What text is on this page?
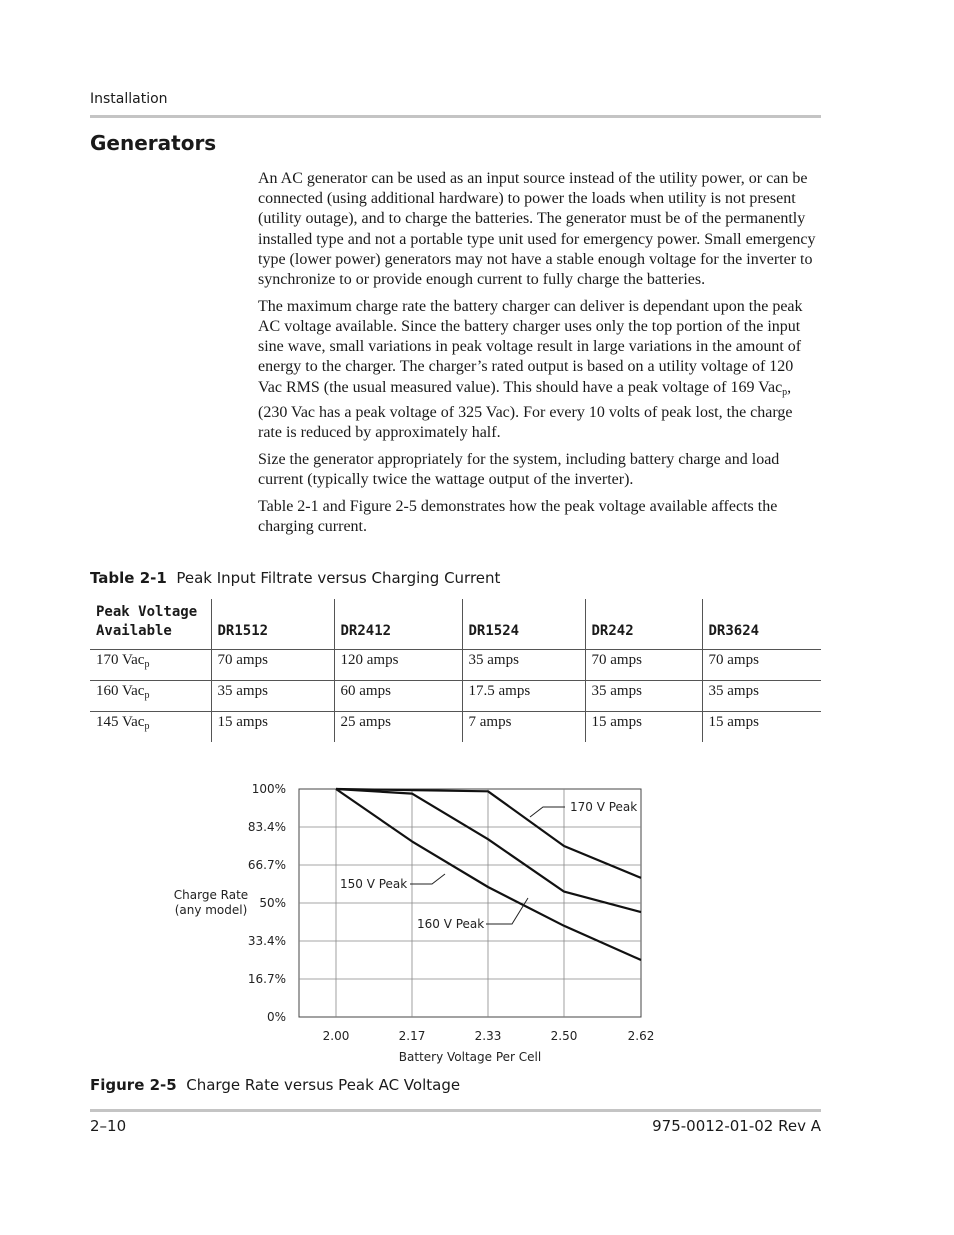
Installation
Generators

An AC generator can be used as an input source instead of the utility power, or can be connected (using additional hardware) to power the loads when utility is not present (utility outage), and to charge the batteries. The generator must be of the permanently installed type and not a portable type unit used for emergency power. Small emergency type (lower power) generators may not have a stable enough voltage for the inverter to synchronize to or provide enough current to fully charge the batteries.

The maximum charge rate the battery charger can deliver is dependant upon the peak AC voltage available. Since the battery charger uses only the top portion of the input sine wave, small variations in peak voltage result in large variations in the amount of energy to the charger. The charger’s rated output is based on a utility voltage of 120 Vac RMS (the usual measured value). This should have a peak voltage of 169 Vac$_p$, (230 Vac has a peak voltage of 325 Vac). For every 10 volts of peak lost, the charge rate is reduced by approximately half.

Size the generator appropriately for the system, including battery charge and load current (typically twice the wattage output of the inverter).

Table 2-1 and Figure 2-5 demonstrates how the peak voltage available affects the charging current.

Table 2-1 Peak Input Filtrate versus Charging Current
Peak Voltage Available	DR1512	DR2412	DR1524	DR242	DR3624
170 Vac$_p$	70 amps	120 amps	35 amps	70 amps	70 amps
160 Vac$_p$	35 amps	60 amps	17.5 amps	35 amps	35 amps
145 Vac$_p$	15 amps	25 amps	7 amps	15 amps	15 amps
0%
16.7%
33.4%
50%
66.7%
83.4%
100%
2.00	2.17	2.33	2.50	2.62
Battery Voltage Per Cell
Charge Rate
(any model)
170 V Peak
160 V Peak
150 V Peak
Figure 2-5 Charge Rate versus Peak AC Voltage
2–10	975-0012-01-02 Rev A
